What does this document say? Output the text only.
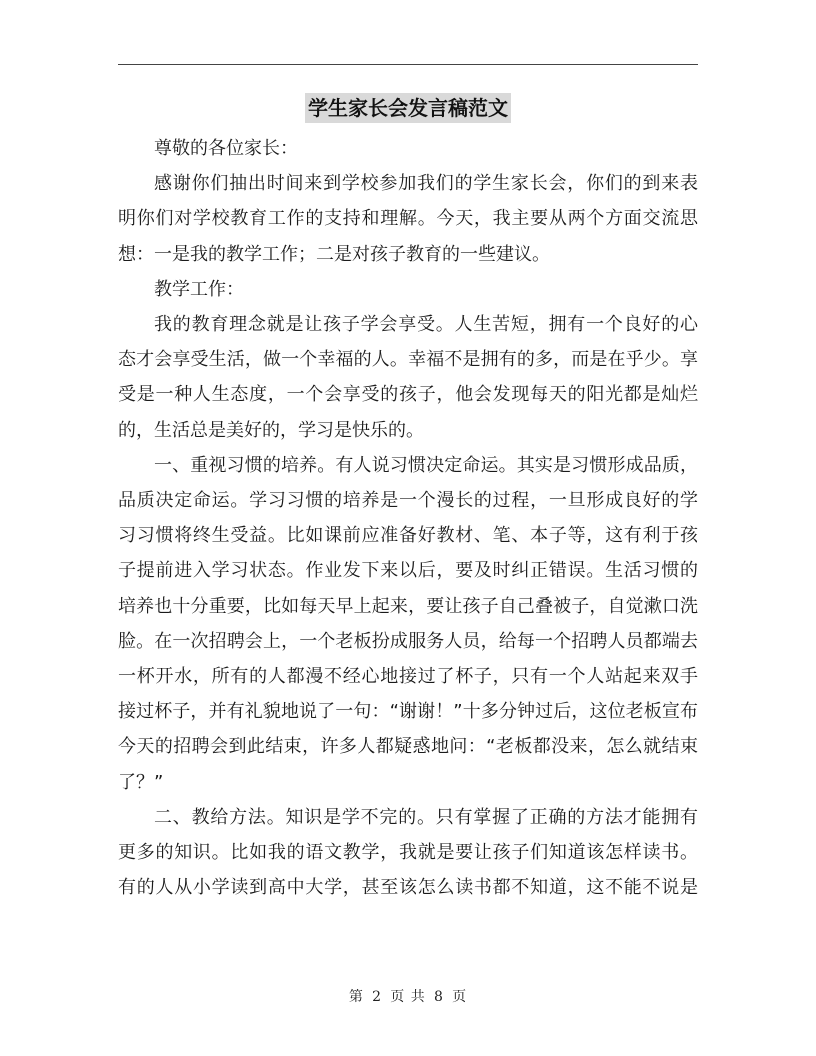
学生家长会发言稿范文
尊敬的各位家长：
感谢你们抽出时间来到学校参加我们的学生家长会，你们的到来表
明你们对学校教育工作的支持和理解。今天，我主要从两个方面交流思
想：一是我的教学工作；二是对孩子教育的一些建议。
教学工作：
我的教育理念就是让孩子学会享受。人生苦短，拥有一个良好的心
态才会享受生活，做一个幸福的人。幸福不是拥有的多，而是在乎少。享
受是一种人生态度，一个会享受的孩子，他会发现每天的阳光都是灿烂
的，生活总是美好的，学习是快乐的。
一、重视习惯的培养。有人说习惯决定命运。其实是习惯形成品质，
品质决定命运。学习习惯的培养是一个漫长的过程，一旦形成良好的学
习习惯将终生受益。比如课前应准备好教材、笔、本子等，这有利于孩
子提前进入学习状态。作业发下来以后，要及时纠正错误。生活习惯的
培养也十分重要，比如每天早上起来，要让孩子自己叠被子，自觉漱口洗
脸。在一次招聘会上，一个老板扮成服务人员，给每一个招聘人员都端去
一杯开水，所有的人都漫不经心地接过了杯子，只有一个人站起来双手
接过杯子，并有礼貌地说了一句：“谢谢！”十多分钟过后，这位老板宣布
今天的招聘会到此结束，许多人都疑惑地问：“老板都没来，怎么就结束
了？”
二、教给方法。知识是学不完的。只有掌握了正确的方法才能拥有
更多的知识。比如我的语文教学，我就是要让孩子们知道该怎样读书。
有的人从小学读到高中大学，甚至该怎么读书都不知道，这不能不说是
第 2 页 共 8 页
